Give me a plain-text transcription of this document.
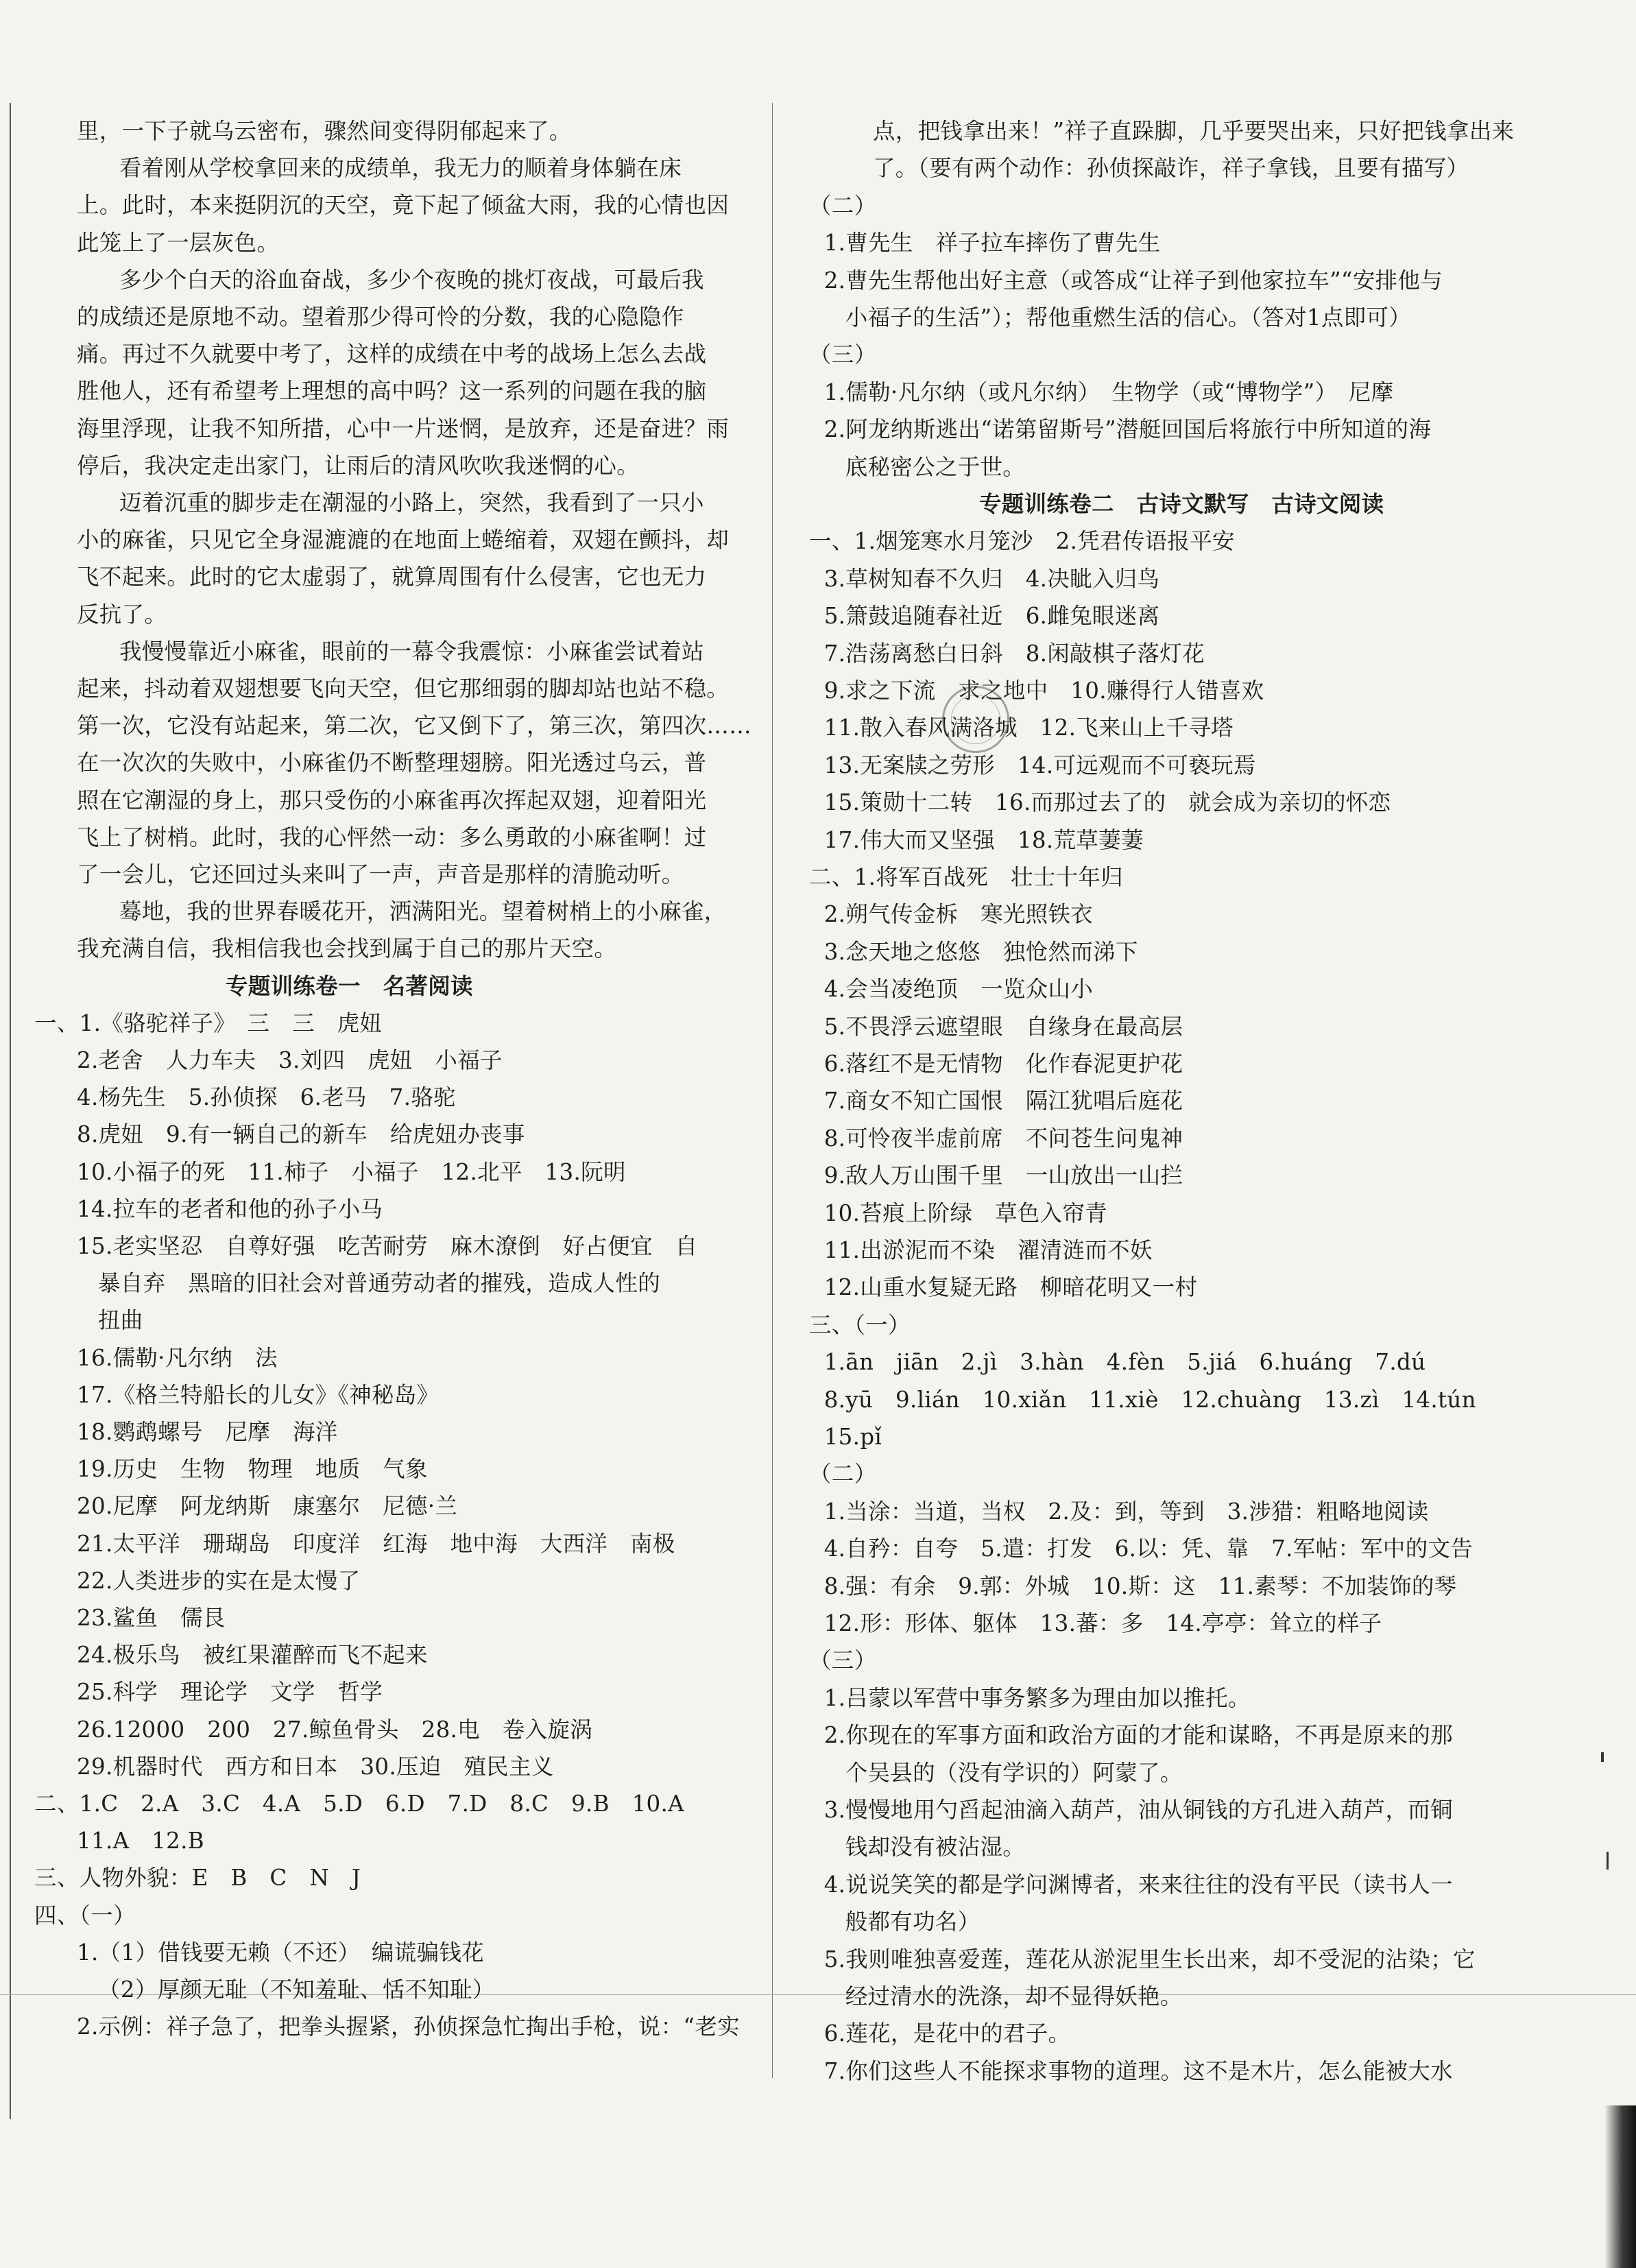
里，一下子就乌云密布，骤然间变得阴郁起来了。
看着刚从学校拿回来的成绩单，我无力的顺着身体躺在床
上。此时，本来挺阴沉的天空，竟下起了倾盆大雨，我的心情也因
此笼上了一层灰色。
多少个白天的浴血奋战，多少个夜晚的挑灯夜战，可最后我
的成绩还是原地不动。望着那少得可怜的分数，我的心隐隐作
痛。再过不久就要中考了，这样的成绩在中考的战场上怎么去战
胜他人，还有希望考上理想的高中吗？这一系列的问题在我的脑
海里浮现，让我不知所措，心中一片迷惘，是放弃，还是奋进？雨
停后，我决定走出家门，让雨后的清风吹吹我迷惘的心。
迈着沉重的脚步走在潮湿的小路上，突然，我看到了一只小
小的麻雀，只见它全身湿漉漉的在地面上蜷缩着，双翅在颤抖，却
飞不起来。此时的它太虚弱了，就算周围有什么侵害，它也无力
反抗了。
我慢慢靠近小麻雀，眼前的一幕令我震惊：小麻雀尝试着站
起来，抖动着双翅想要飞向天空，但它那细弱的脚却站也站不稳。
第一次，它没有站起来，第二次，它又倒下了，第三次，第四次……
在一次次的失败中，小麻雀仍不断整理翅膀。阳光透过乌云，普
照在它潮湿的身上，那只受伤的小麻雀再次挥起双翅，迎着阳光
飞上了树梢。此时，我的心怦然一动：多么勇敢的小麻雀啊！过
了一会儿，它还回过头来叫了一声，声音是那样的清脆动听。
蓦地，我的世界春暖花开，洒满阳光。望着树梢上的小麻雀，
我充满自信，我相信我也会找到属于自己的那片天空。
专题训练卷一　名著阅读
一、1.《骆驼祥子》　三　三　虎妞
2.老舍　人力车夫　3.刘四　虎妞　小福子
4.杨先生　5.孙侦探　6.老马　7.骆驼
8.虎妞　9.有一辆自己的新车　给虎妞办丧事
10.小福子的死　11.柿子　小福子　12.北平　13.阮明
14.拉车的老者和他的孙子小马
15.老实坚忍　自尊好强　吃苦耐劳　麻木潦倒　好占便宜　自
暴自弃　黑暗的旧社会对普通劳动者的摧残，造成人性的
扭曲
16.儒勒·凡尔纳　法
17.《格兰特船长的儿女》《神秘岛》
18.鹦鹉螺号　尼摩　海洋
19.历史　生物　物理　地质　气象
20.尼摩　阿龙纳斯　康塞尔　尼德·兰
21.太平洋　珊瑚岛　印度洋　红海　地中海　大西洋　南极
22.人类进步的实在是太慢了
23.鲨鱼　儒艮
24.极乐鸟　被红果灌醉而飞不起来
25.科学　理论学　文学　哲学
26.12000　200　27.鲸鱼骨头　28.电　卷入旋涡
29.机器时代　西方和日本　30.压迫　殖民主义
二、1.C　2.A　3.C　4.A　5.D　6.D　7.D　8.C　9.B　10.A
11.A　12.B
三、人物外貌：E　B　C　N　J
四、（一）
1.（1）借钱要无赖（不还）　编谎骗钱花
（2）厚颜无耻（不知羞耻、恬不知耻）
2.示例：祥子急了，把拳头握紧，孙侦探急忙掏出手枪，说：“老实
点，把钱拿出来！”祥子直跺脚，几乎要哭出来，只好把钱拿出来
了。（要有两个动作：孙侦探敲诈，祥子拿钱，且要有描写）
（二）
1.曹先生　祥子拉车摔伤了曹先生
2.曹先生帮他出好主意（或答成“让祥子到他家拉车”“安排他与
小福子的生活”）；帮他重燃生活的信心。（答对1点即可）
（三）
1.儒勒·凡尔纳（或凡尔纳）　生物学（或“博物学”）　尼摩
2.阿龙纳斯逃出“诺第留斯号”潜艇回国后将旅行中所知道的海
底秘密公之于世。
专题训练卷二　古诗文默写　古诗文阅读
一、1.烟笼寒水月笼沙　2.凭君传语报平安
3.草树知春不久归　4.决眦入归鸟
5.箫鼓追随春社近　6.雌兔眼迷离
7.浩荡离愁白日斜　8.闲敲棋子落灯花
9.求之下流　求之地中　10.赚得行人错喜欢
11.散入春风满洛城　12.飞来山上千寻塔
13.无案牍之劳形　14.可远观而不可亵玩焉
15.策勋十二转　16.而那过去了的　就会成为亲切的怀恋
17.伟大而又坚强　18.荒草萋萋
二、1.将军百战死　壮士十年归
2.朔气传金柝　寒光照铁衣
3.念天地之悠悠　独怆然而涕下
4.会当凌绝顶　一览众山小
5.不畏浮云遮望眼　自缘身在最高层
6.落红不是无情物　化作春泥更护花
7.商女不知亡国恨　隔江犹唱后庭花
8.可怜夜半虚前席　不问苍生问鬼神
9.敌人万山围千里　一山放出一山拦
10.苔痕上阶绿　草色入帘青
11.出淤泥而不染　濯清涟而不妖
12.山重水复疑无路　柳暗花明又一村
三、（一）
1.ān　jiān　2.jì　3.hàn　4.fèn　5.jiá　6.huáng　7.dú
8.yū　9.lián　10.xiǎn　11.xiè　12.chuàng　13.zì　14.tún
15.pǐ
（二）
1.当涂：当道，当权　2.及：到，等到　3.涉猎：粗略地阅读
4.自矜：自夸　5.遣：打发　6.以：凭、靠　7.军帖：军中的文告
8.强：有余　9.郭：外城　10.斯：这　11.素琴：不加装饰的琴
12.形：形体、躯体　13.蕃：多　14.亭亭：耸立的样子
（三）
1.吕蒙以军营中事务繁多为理由加以推托。
2.你现在的军事方面和政治方面的才能和谋略，不再是原来的那
个吴县的（没有学识的）阿蒙了。
3.慢慢地用勺舀起油滴入葫芦，油从铜钱的方孔进入葫芦，而铜
钱却没有被沾湿。
4.说说笑笑的都是学问渊博者，来来往往的没有平民（读书人一
般都有功名）
5.我则唯独喜爱莲，莲花从淤泥里生长出来，却不受泥的沾染；它
经过清水的洗涤，却不显得妖艳。
6.莲花，是花中的君子。
7.你们这些人不能探求事物的道理。这不是木片，怎么能被大水
